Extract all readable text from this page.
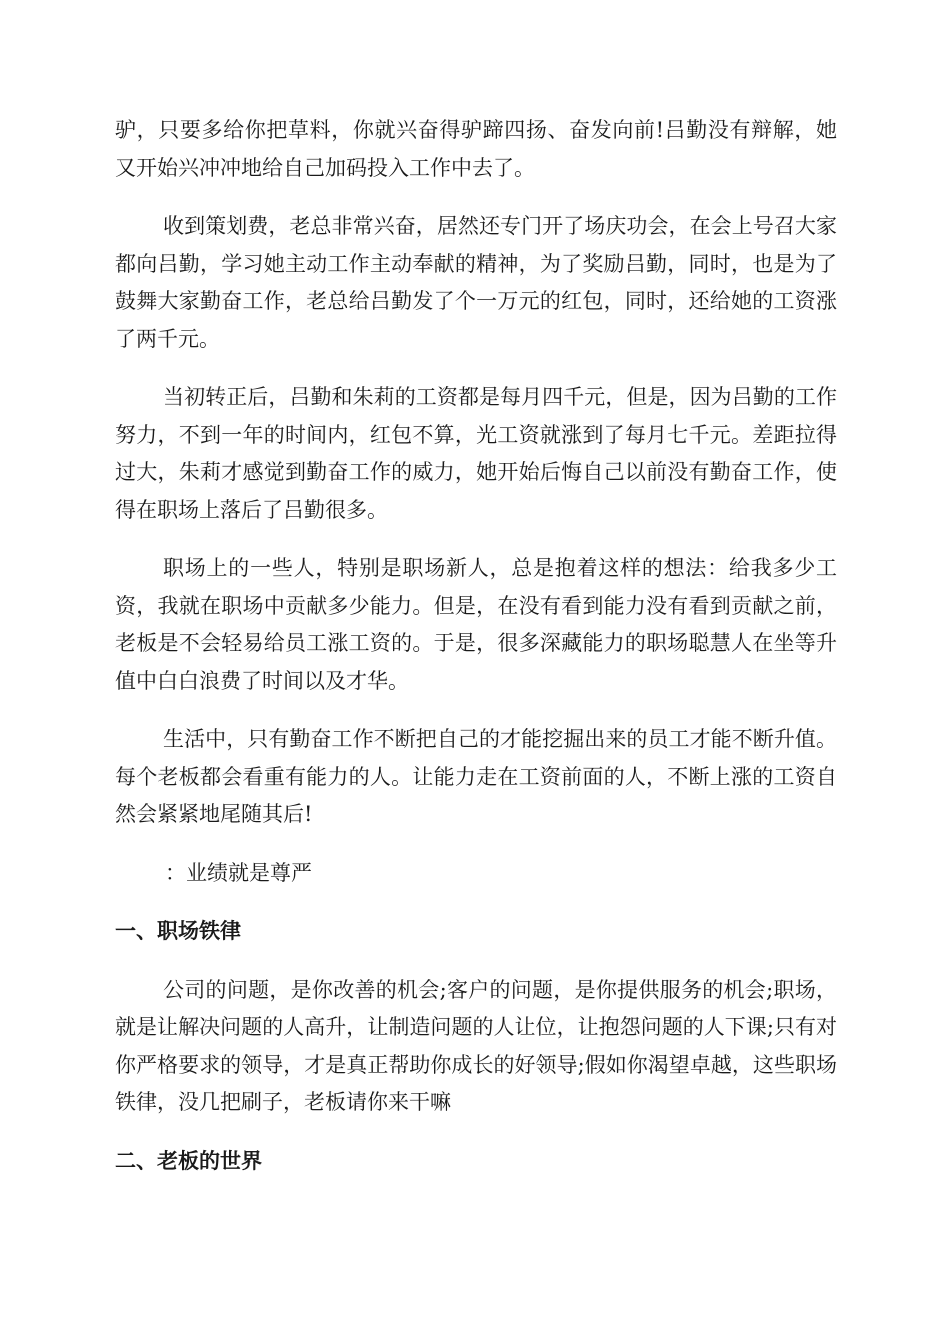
驴，只要多给你把草料，你就兴奋得驴蹄四扬、奋发向前!吕勤没有辩解，她又开始兴冲冲地给自己加码投入工作中去了。

收到策划费，老总非常兴奋，居然还专门开了场庆功会，在会上号召大家都向吕勤，学习她主动工作主动奉献的精神，为了奖励吕勤，同时，也是为了鼓舞大家勤奋工作，老总给吕勤发了个一万元的红包，同时，还给她的工资涨了两千元。

当初转正后，吕勤和朱莉的工资都是每月四千元，但是，因为吕勤的工作努力，不到一年的时间内，红包不算，光工资就涨到了每月七千元。差距拉得过大，朱莉才感觉到勤奋工作的威力，她开始后悔自己以前没有勤奋工作，使得在职场上落后了吕勤很多。

职场上的一些人，特别是职场新人，总是抱着这样的想法：给我多少工资，我就在职场中贡献多少能力。但是，在没有看到能力没有看到贡献之前，老板是不会轻易给员工涨工资的。于是，很多深藏能力的职场聪慧人在坐等升值中白白浪费了时间以及才华。

生活中，只有勤奋工作不断把自己的才能挖掘出来的员工才能不断升值。每个老板都会看重有能力的人。让能力走在工资前面的人，不断上涨的工资自然会紧紧地尾随其后!

：业绩就是尊严

一、职场铁律

公司的问题，是你改善的机会;客户的问题，是你提供服务的机会;职场，就是让解决问题的人高升，让制造问题的人让位，让抱怨问题的人下课;只有对你严格要求的领导，才是真正帮助你成长的好领导;假如你渴望卓越，这些职场铁律，没几把刷子，老板请你来干嘛

二、老板的世界
